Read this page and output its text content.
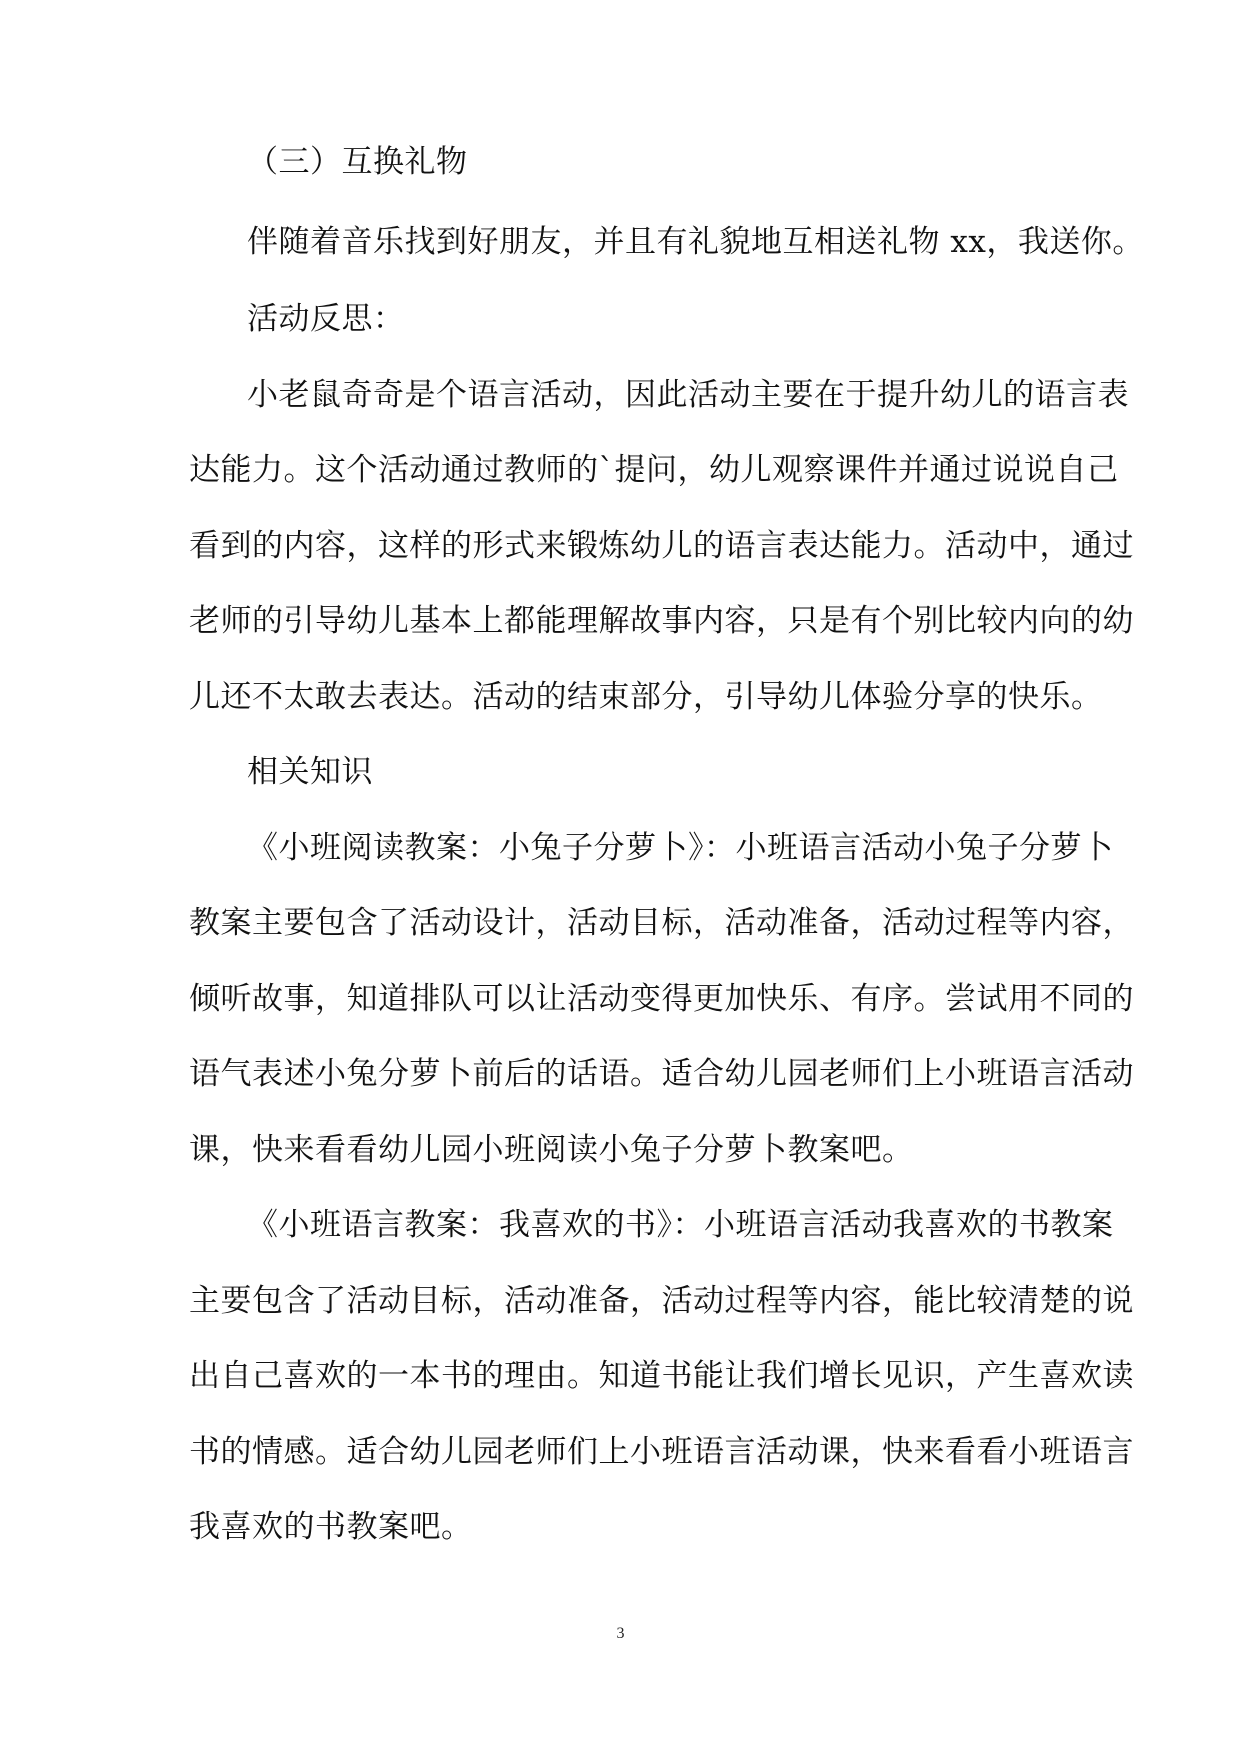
（三）互换礼物
伴随着音乐找到好朋友，并且有礼貌地互相送礼物 xx，我送你。
活动反思：
小老鼠奇奇是个语言活动，因此活动主要在于提升幼儿的语言表
达能力。这个活动通过教师的`提问，幼儿观察课件并通过说说自己
看到的内容，这样的形式来锻炼幼儿的语言表达能力。活动中，通过
老师的引导幼儿基本上都能理解故事内容，只是有个别比较内向的幼
儿还不太敢去表达。活动的结束部分，引导幼儿体验分享的快乐。
相关知识
《小班阅读教案：小兔子分萝卜》：小班语言活动小兔子分萝卜
教案主要包含了活动设计，活动目标，活动准备，活动过程等内容，
倾听故事，知道排队可以让活动变得更加快乐、有序。尝试用不同的
语气表述小兔分萝卜前后的话语。适合幼儿园老师们上小班语言活动
课，快来看看幼儿园小班阅读小兔子分萝卜教案吧。
《小班语言教案：我喜欢的书》：小班语言活动我喜欢的书教案
主要包含了活动目标，活动准备，活动过程等内容，能比较清楚的说
出自己喜欢的一本书的理由。知道书能让我们增长见识，产生喜欢读
书的情感。适合幼儿园老师们上小班语言活动课，快来看看小班语言
我喜欢的书教案吧。
3
